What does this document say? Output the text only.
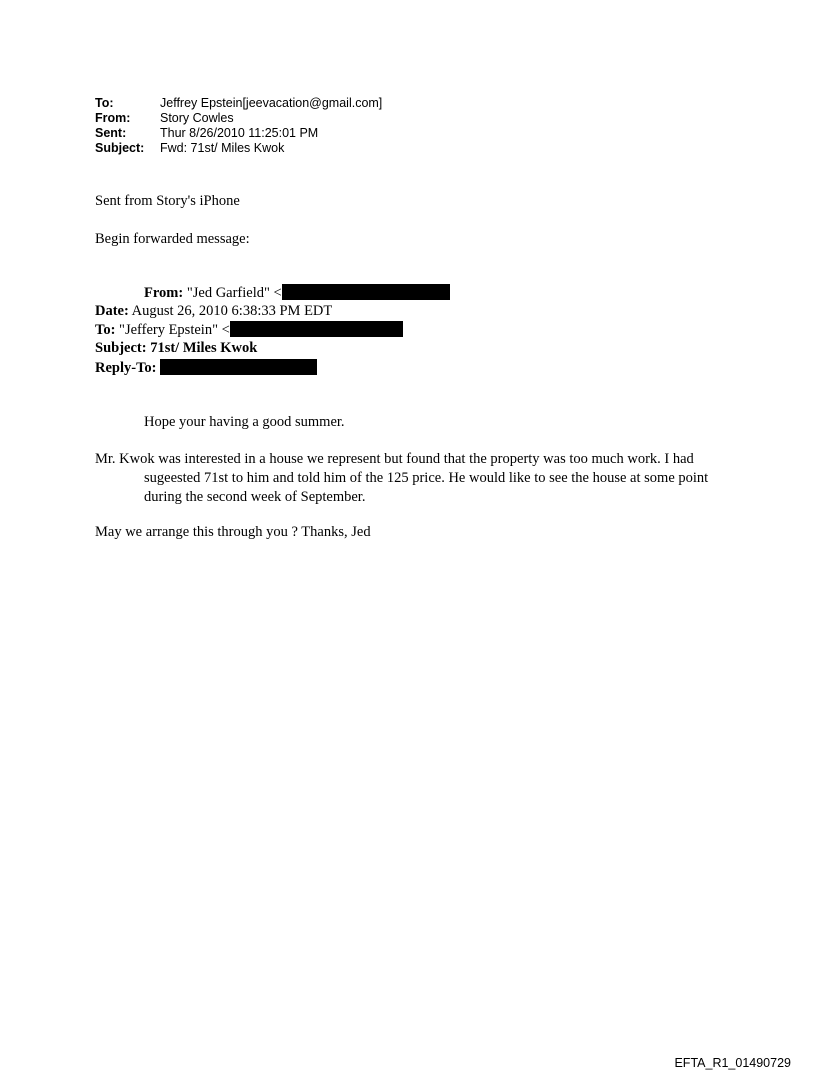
To:	Jeffrey Epstein[jeevacation@gmail.com]
From:	Story Cowles
Sent:	Thur 8/26/2010 11:25:01 PM
Subject:	Fwd: 71st/ Miles Kwok
Sent from Story's iPhone
Begin forwarded message:
From: "Jed Garfield" <
Date: August 26, 2010 6:38:33 PM EDT
To: "Jeffery Epstein" <
Subject: 71st/ Miles Kwok
Reply-To:
Hope your having a good summer.
Mr. Kwok was interested in a house we represent but found that the property was too much work. I had sugeested 71st to him and told him of the 125 price. He would like to see the house at some point during the second week of September.
May we arrange this through you ? Thanks, Jed
EFTA_R1_01490729
